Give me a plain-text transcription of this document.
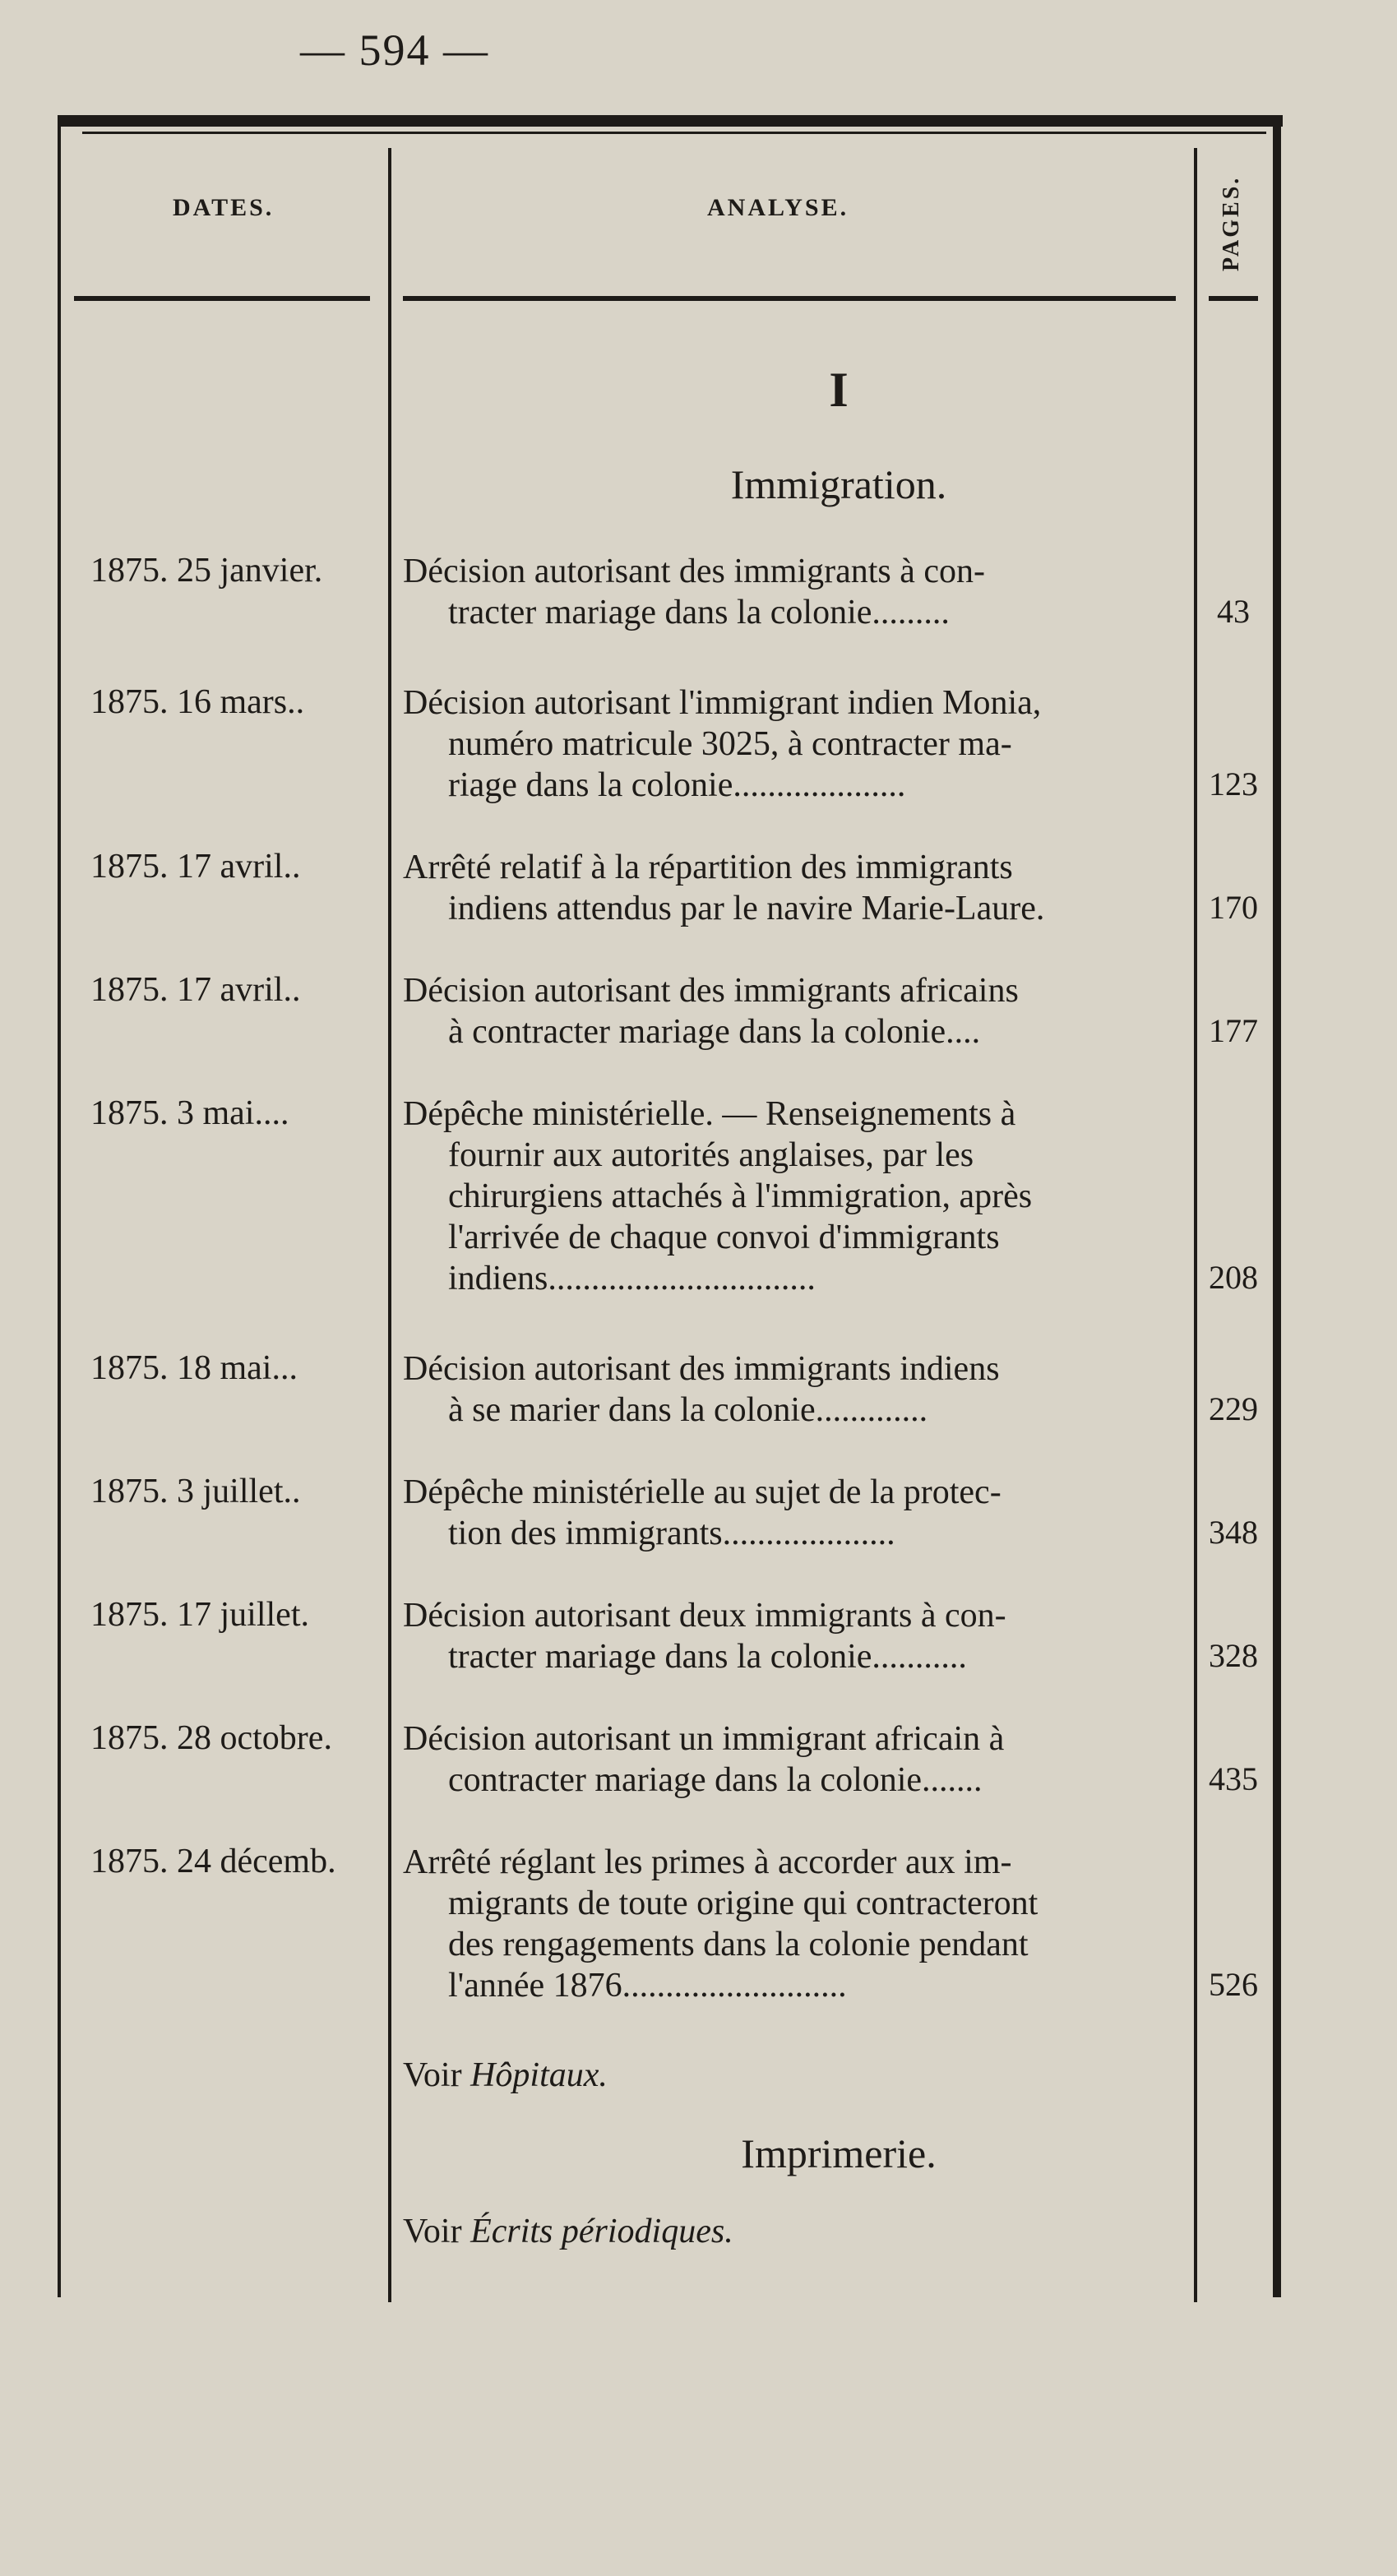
— 594 —
DATES.	ANALYSE.	PAGES.
I
Immigration.
1875. 25 janvier.	Décision autorisant des immigrants à con-
tracter mariage dans la colonie.........	43
1875. 16 mars..	Décision autorisant l'immigrant indien Monia,
numéro matricule 3025, à contracter ma-
riage dans la colonie....................	123
1875. 17 avril..	Arrêté relatif à la répartition des immigrants
indiens attendus par le navire Marie-Laure.	170
1875. 17 avril..	Décision autorisant des immigrants africains
à contracter mariage dans la colonie....	177
1875. 3 mai....	Dépêche ministérielle. — Renseignements à
fournir aux autorités anglaises, par les
chirurgiens attachés à l'immigration, après
l'arrivée de chaque convoi d'immigrants
indiens...............................	208
1875. 18 mai...	Décision autorisant des immigrants indiens
à se marier dans la colonie.............	229
1875. 3 juillet..	Dépêche ministérielle au sujet de la protec-
tion des immigrants....................	348
1875. 17 juillet.	Décision autorisant deux immigrants à con-
tracter mariage dans la colonie...........	328
1875. 28 octobre.	Décision autorisant un immigrant africain à
contracter mariage dans la colonie.......	435
1875. 24 décemb.	Arrêté réglant les primes à accorder aux im-
migrants de toute origine qui contracteront
des rengagements dans la colonie pendant
l'année 1876..........................	526
Voir Hôpitaux.
Imprimerie.
Voir Écrits périodiques.
